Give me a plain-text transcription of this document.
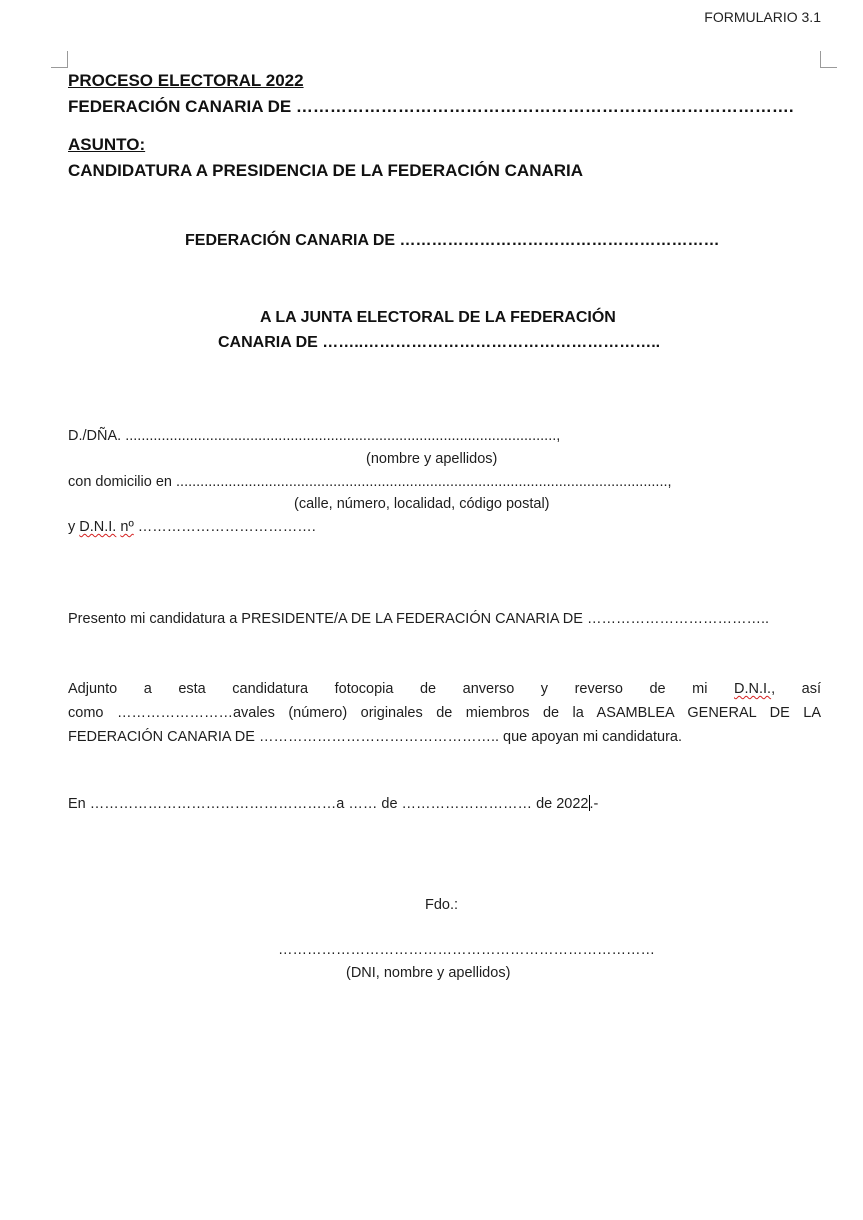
FORMULARIO 3.1
PROCESO ELECTORAL 2022
FEDERACIÓN CANARIA DE …………………………………………………………………………….
ASUNTO:
CANDIDATURA A PRESIDENCIA DE LA FEDERACIÓN CANARIA
FEDERACIÓN CANARIA DE ……………………………………………………
A LA JUNTA ELECTORAL DE LA FEDERACIÓN
CANARIA DE ……..………………………………………………..
D./DÑA. ...........................................................................................................,
(nombre y apellidos)
con domicilio en ..........................................................................................................................,
(calle, número, localidad, código postal)
y D.N.I. nº ……………………………….
Presento mi candidatura a PRESIDENTE/A DE LA FEDERACIÓN CANARIA DE ………………………………..
Adjunto a esta candidatura fotocopia de anverso y reverso de mi D.N.I., así
como ……………………avales (número) originales de miembros de la ASAMBLEA GENERAL DE LA
FEDERACIÓN CANARIA DE ………………………………………….. que apoyan mi candidatura.
En ……………………………………………a …… de ……………………… de 2022.-
Fdo.:
……………………………………………………………………
(DNI, nombre y apellidos)
